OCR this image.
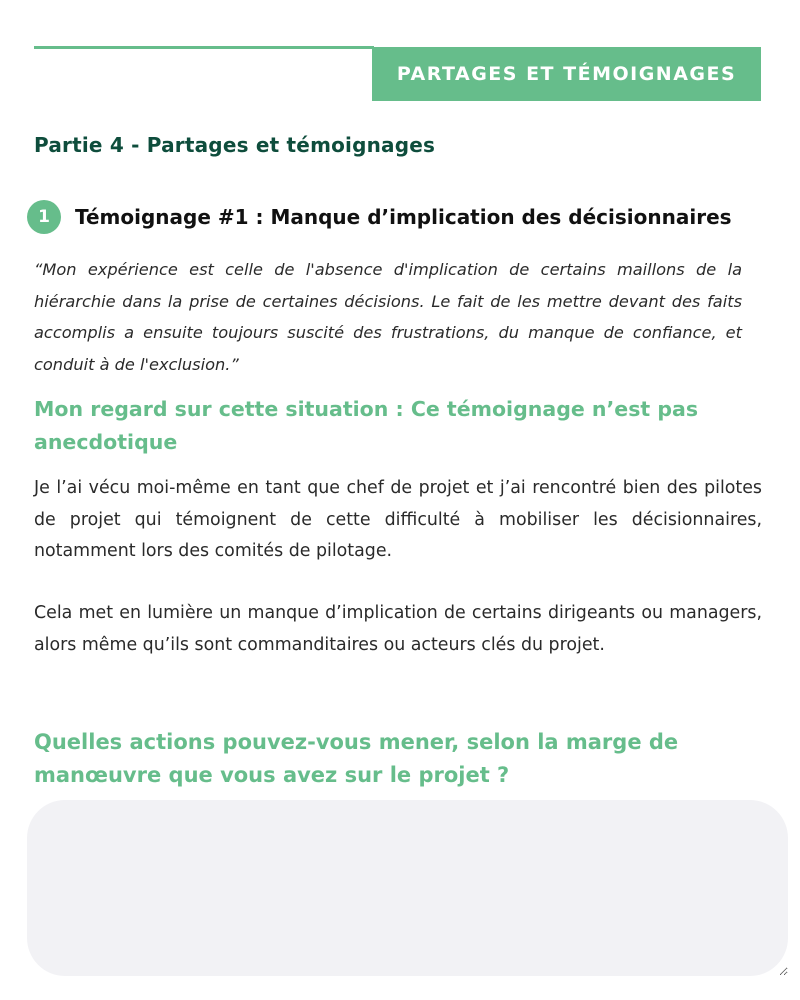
PARTAGES ET TÉMOIGNAGES
Partie 4 - Partages et témoignages
1	Témoignage #1 : Manque d’implication des décisionnaires

“Mon expérience est celle de l'absence d'implication de certains maillons de la hiérarchie dans la prise de certaines décisions. Le fait de les mettre devant des faits accomplis a ensuite toujours suscité des frustrations, du manque de confiance, et conduit à de l'exclusion.”

Mon regard sur cette situation : Ce témoignage n’est pas anecdotique

Je l’ai vécu moi-même en tant que chef de projet et j’ai rencontré bien des pilotes de projet qui témoignent de cette difficulté à mobiliser les décisionnaires, notamment lors des comités de pilotage.

Cela met en lumière un manque d’implication de certains dirigeants ou managers, alors même qu’ils sont commanditaires ou acteurs clés du projet.

Quelles actions pouvez-vous mener, selon la marge de manœuvre que vous avez sur le projet ?
